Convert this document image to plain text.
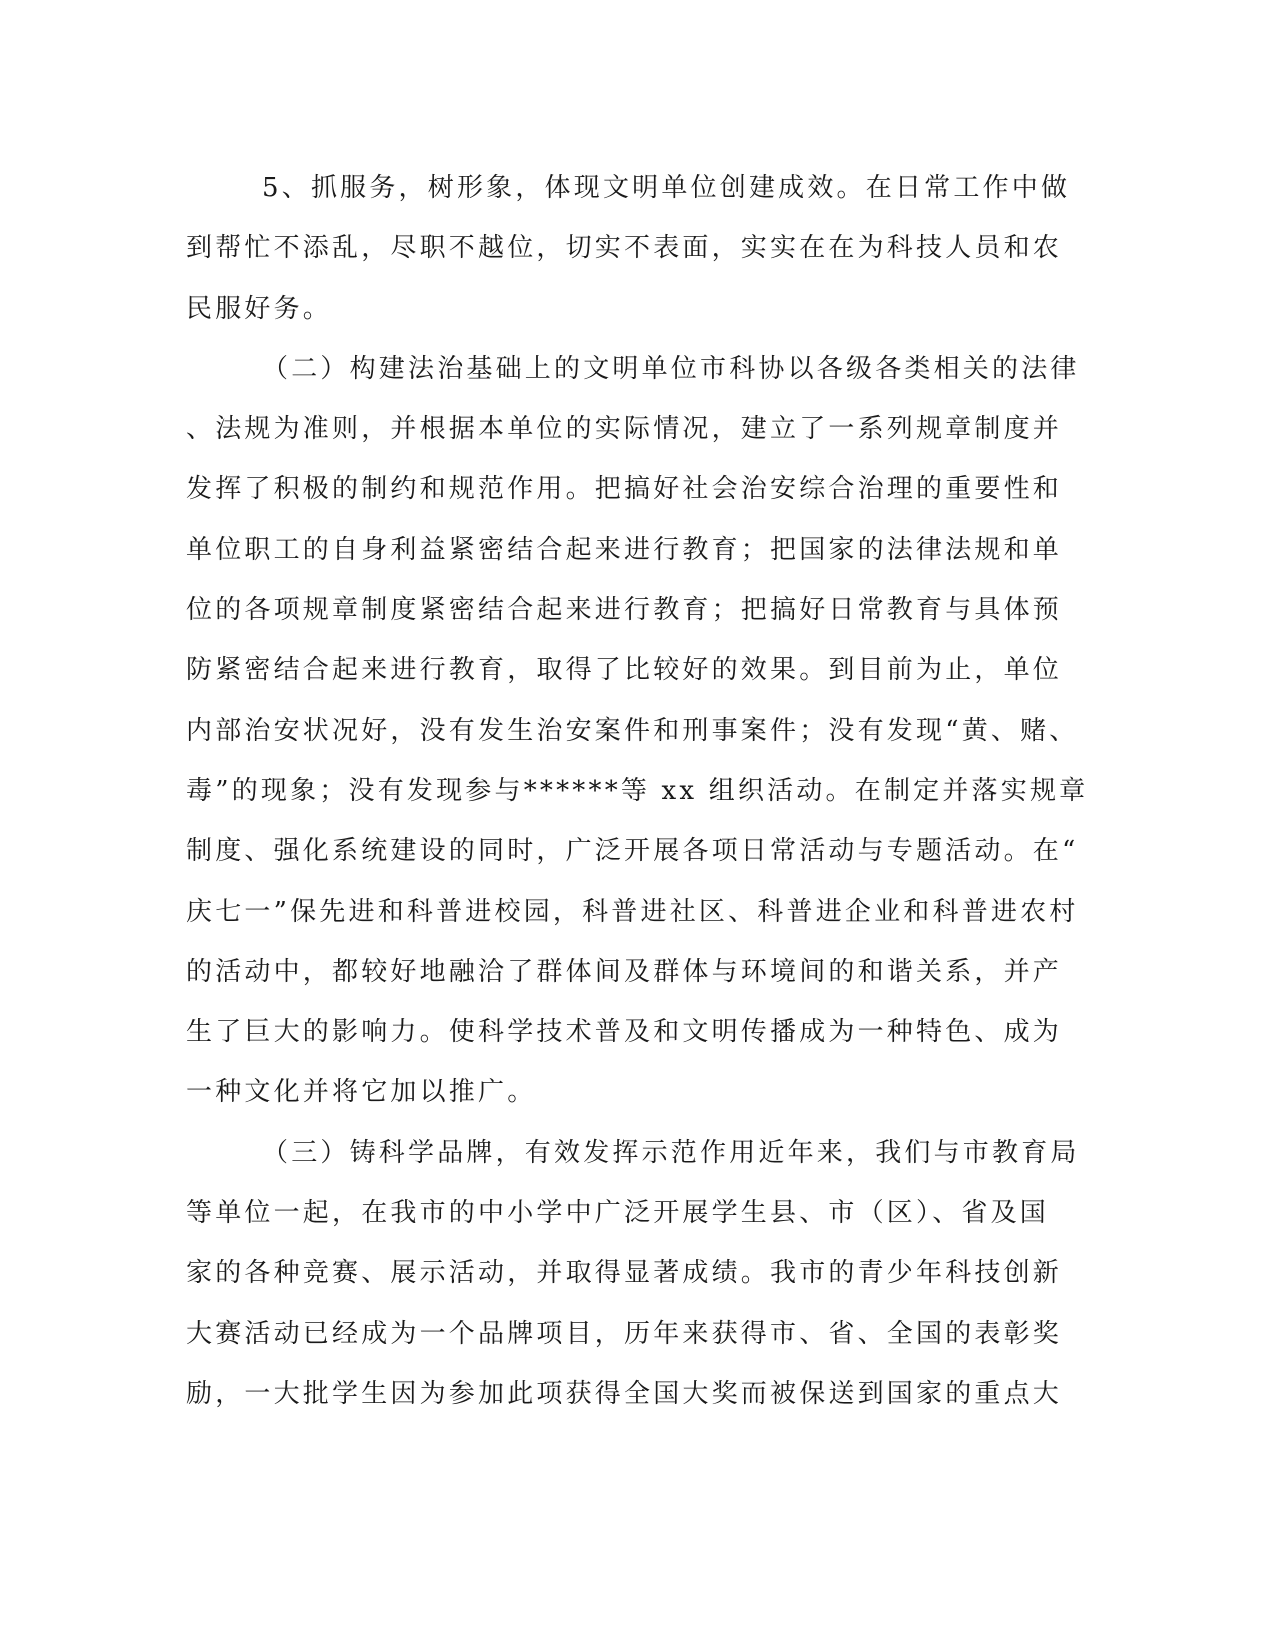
5、抓服务，树形象，体现文明单位创建成效。在日常工作中做
到帮忙不添乱，尽职不越位，切实不表面，实实在在为科技人员和农
民服好务。
（二）构建法治基础上的文明单位市科协以各级各类相关的法律
、法规为准则，并根据本单位的实际情况，建立了一系列规章制度并
发挥了积极的制约和规范作用。把搞好社会治安综合治理的重要性和
单位职工的自身利益紧密结合起来进行教育；把国家的法律法规和单
位的各项规章制度紧密结合起来进行教育；把搞好日常教育与具体预
防紧密结合起来进行教育，取得了比较好的效果。到目前为止，单位
内部治安状况好，没有发生治安案件和刑事案件；没有发现“黄、赌、
毒”的现象；没有发现参与******等 xx 组织活动。在制定并落实规章
制度、强化系统建设的同时，广泛开展各项日常活动与专题活动。在“
庆七一”保先进和科普进校园，科普进社区、科普进企业和科普进农村
的活动中，都较好地融洽了群体间及群体与环境间的和谐关系，并产
生了巨大的影响力。使科学技术普及和文明传播成为一种特色、成为
一种文化并将它加以推广。
（三）铸科学品牌，有效发挥示范作用近年来，我们与市教育局
等单位一起，在我市的中小学中广泛开展学生县、市（区）、省及国
家的各种竞赛、展示活动，并取得显著成绩。我市的青少年科技创新
大赛活动已经成为一个品牌项目，历年来获得市、省、全国的表彰奖
励，一大批学生因为参加此项获得全国大奖而被保送到国家的重点大
